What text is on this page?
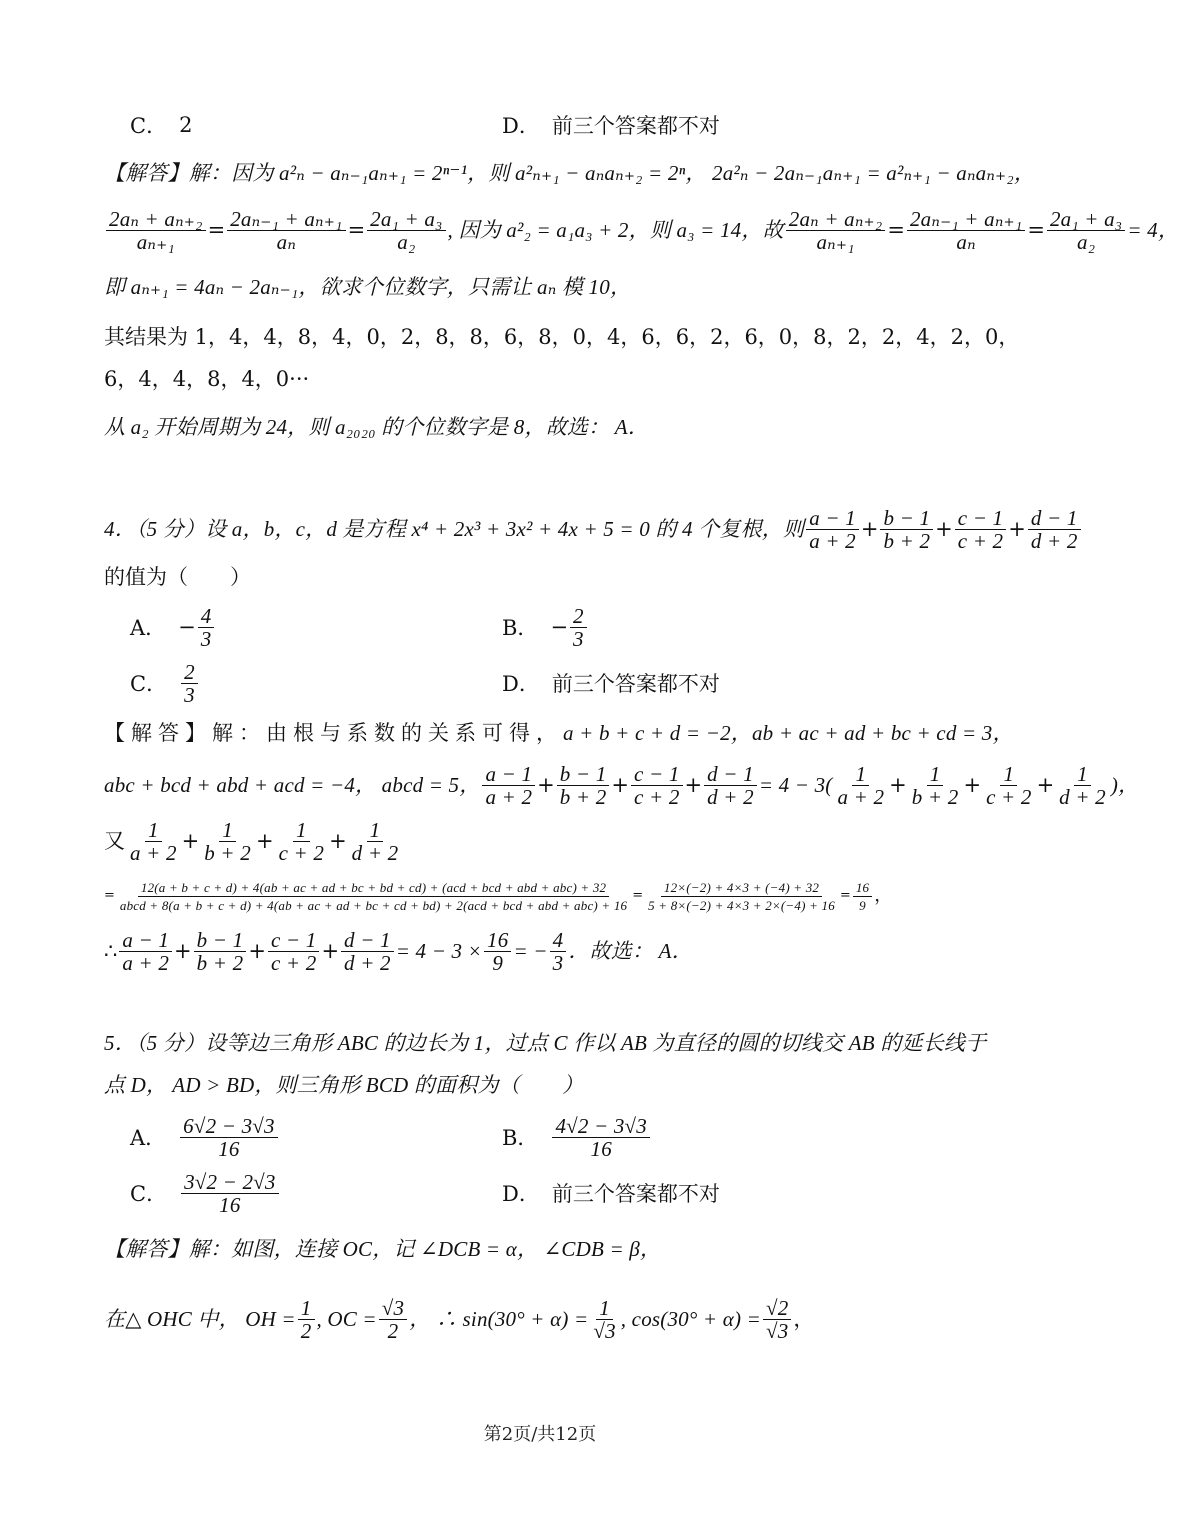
C． 2	D． 前三个答案都不对
【解答】解：因为 a²ₙ − aₙ₋₁aₙ₊₁ = 2ⁿ⁻¹，则 a²ₙ₊₁ − aₙaₙ₊₂ = 2ⁿ， 2a²ₙ − 2aₙ₋₁aₙ₊₁ = a²ₙ₊₁ − aₙaₙ₊₂，
$\frac{\text{2aₙ + aₙ₊₂}}{\text{aₙ₊₁}} = \frac{\text{2aₙ₋₁ + aₙ₊₁}}{\text{aₙ}} = \frac{\text{2a₁ + a₃}}{\text{a₂}}$ , 因为 a²₂ = a₁a₃ + 2，则 a₃ = 14，故 $\frac{\text{2aₙ + aₙ₊₂}}{\text{aₙ₊₁}} = \frac{\text{2aₙ₋₁ + aₙ₊₁}}{\text{aₙ}} = \frac{\text{2a₁ + a₃}}{\text{a₂}} = 4$，
即 aₙ₊₁ = 4aₙ − 2aₙ₋₁，欲求个位数字，只需让 aₙ 模 10，
其结果为 1，4，4，8，4，0，2，8，8，6，8，0，4，6，6，2，6，0，8，2，2，4，2，0，
6，4，4，8，4，0···
从 a₂ 开始周期为 24，则 a₂₀₂₀ 的个位数字是 8，故选： A．
4．（5 分）设 a，b，c，d 是方程 x⁴ + 2x³ + 3x² + 4x + 5 = 0 的 4 个复根，则 $\frac{a - 1}{a + 2} + \frac{b - 1}{b + 2} + \frac{c - 1}{c + 2} + \frac{d - 1}{d + 2}$
的值为（　　）
A． − $\frac{4}{3}$	B． − $\frac{2}{3}$
C． $\frac{2}{3}$	D． 前三个答案都不对
【解答】解：由根与系数的关系可得， a + b + c + d = −2， ab + ac + ad + bc + cd = 3，
abc + bcd + abd + acd = −4， abcd = 5， $\frac{a - 1}{a + 2} + \frac{b - 1}{b + 2} + \frac{c - 1}{c + 2} + \frac{d - 1}{d + 2} = 4 - 3( \frac{1}{a + 2} + \frac{1}{b + 2} + \frac{1}{c + 2} + \frac{1}{d + 2}$ )，
又 $\frac{1}{a + 2} + \frac{1}{b + 2} + \frac{1}{c + 2} + \frac{1}{d + 2}$
=
12(a + b + c + d) + 4(ab + ac + ad + bc + bd + cd) + (acd + bcd + abd + abc) + 32
abcd + 8(a + b + c + d) + 4(ab + ac + ad + bc + cd + bd) + 2(acd + bcd + abd + abc) + 16
= $\frac{12\times(-2) + 4\times 3 + (-4) + 32}{5 + 8\times(-2) + 4\times 3 + 2\times(-4) + 16} = \frac{16}{9}$ ，
∴ $\frac{a - 1}{a + 2} + \frac{b - 1}{b + 2} + \frac{c - 1}{c + 2} + \frac{d - 1}{d + 2} = 4 - 3 \times \frac{16}{9}$ = − $\frac{4}{3}$ ．故选： A．
5．（5 分）设等边三角形 ABC 的边长为 1，过点 C 作以 AB 为直径的圆的切线交 AB 的延长线于
点 D， AD > BD，则三角形 BCD 的面积为（　　）
A． $\frac{6√2 - 3√3}{16}$	B． $\frac{4√2 - 3√3}{16}$
C． $\frac{3√2 - 2√3}{16}$	D． 前三个答案都不对
【解答】解：如图，连接 OC，记 ∠DCB = α， ∠CDB = β，
在△ OHC 中， OH = $\frac{1}{2}$ , OC = $\frac{√3}{2}$ ， ∴ $\sin(30^\circ + \alpha) = \frac{1}{√3}$ , $\cos(30^\circ + \alpha) = \frac{√2}{√3}$ ，
第2页/共12页
